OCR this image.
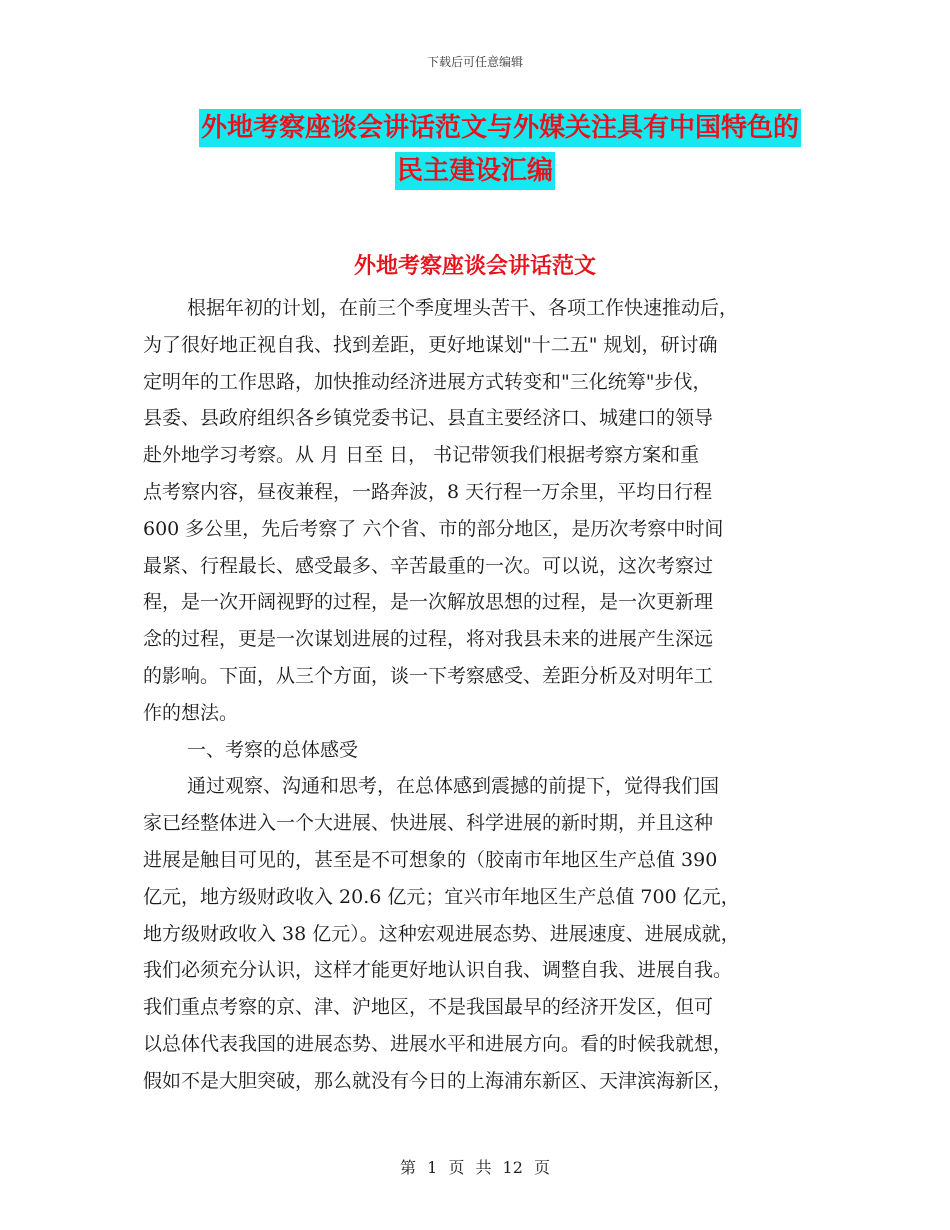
下载后可任意编辑
外地考察座谈会讲话范文与外媒关注具有中国特色的
民主建设汇编
外地考察座谈会讲话范文
根据年初的计划，在前三个季度埋头苦干、各项工作快速推动后，
为了很好地正视自我、找到差距，更好地谋划"十二五" 规划，研讨确
定明年的工作思路，加快推动经济进展方式转变和"三化统筹"步伐，
县委、县政府组织各乡镇党委书记、县直主要经济口、城建口的领导
赴外地学习考察。从 月 日至 日， 书记带领我们根据考察方案和重
点考察内容，昼夜兼程，一路奔波，8 天行程一万余里，平均日行程
600 多公里，先后考察了 六个省、市的部分地区，是历次考察中时间
最紧、行程最长、感受最多、辛苦最重的一次。可以说，这次考察过
程，是一次开阔视野的过程，是一次解放思想的过程，是一次更新理
念的过程，更是一次谋划进展的过程，将对我县未来的进展产生深远
的影响。下面，从三个方面，谈一下考察感受、差距分析及对明年工
作的想法。
一、考察的总体感受
通过观察、沟通和思考，在总体感到震撼的前提下，觉得我们国
家已经整体进入一个大进展、快进展、科学进展的新时期，并且这种
进展是触目可见的，甚至是不可想象的（胶南市年地区生产总值 390
亿元，地方级财政收入 20.6 亿元；宜兴市年地区生产总值 700 亿元，
地方级财政收入 38 亿元）。这种宏观进展态势、进展速度、进展成就，
我们必须充分认识，这样才能更好地认识自我、调整自我、进展自我。
我们重点考察的京、津、沪地区，不是我国最早的经济开发区，但可
以总体代表我国的进展态势、进展水平和进展方向。看的时候我就想，
假如不是大胆突破，那么就没有今日的上海浦东新区、天津滨海新区，
第 1 页 共 12 页
